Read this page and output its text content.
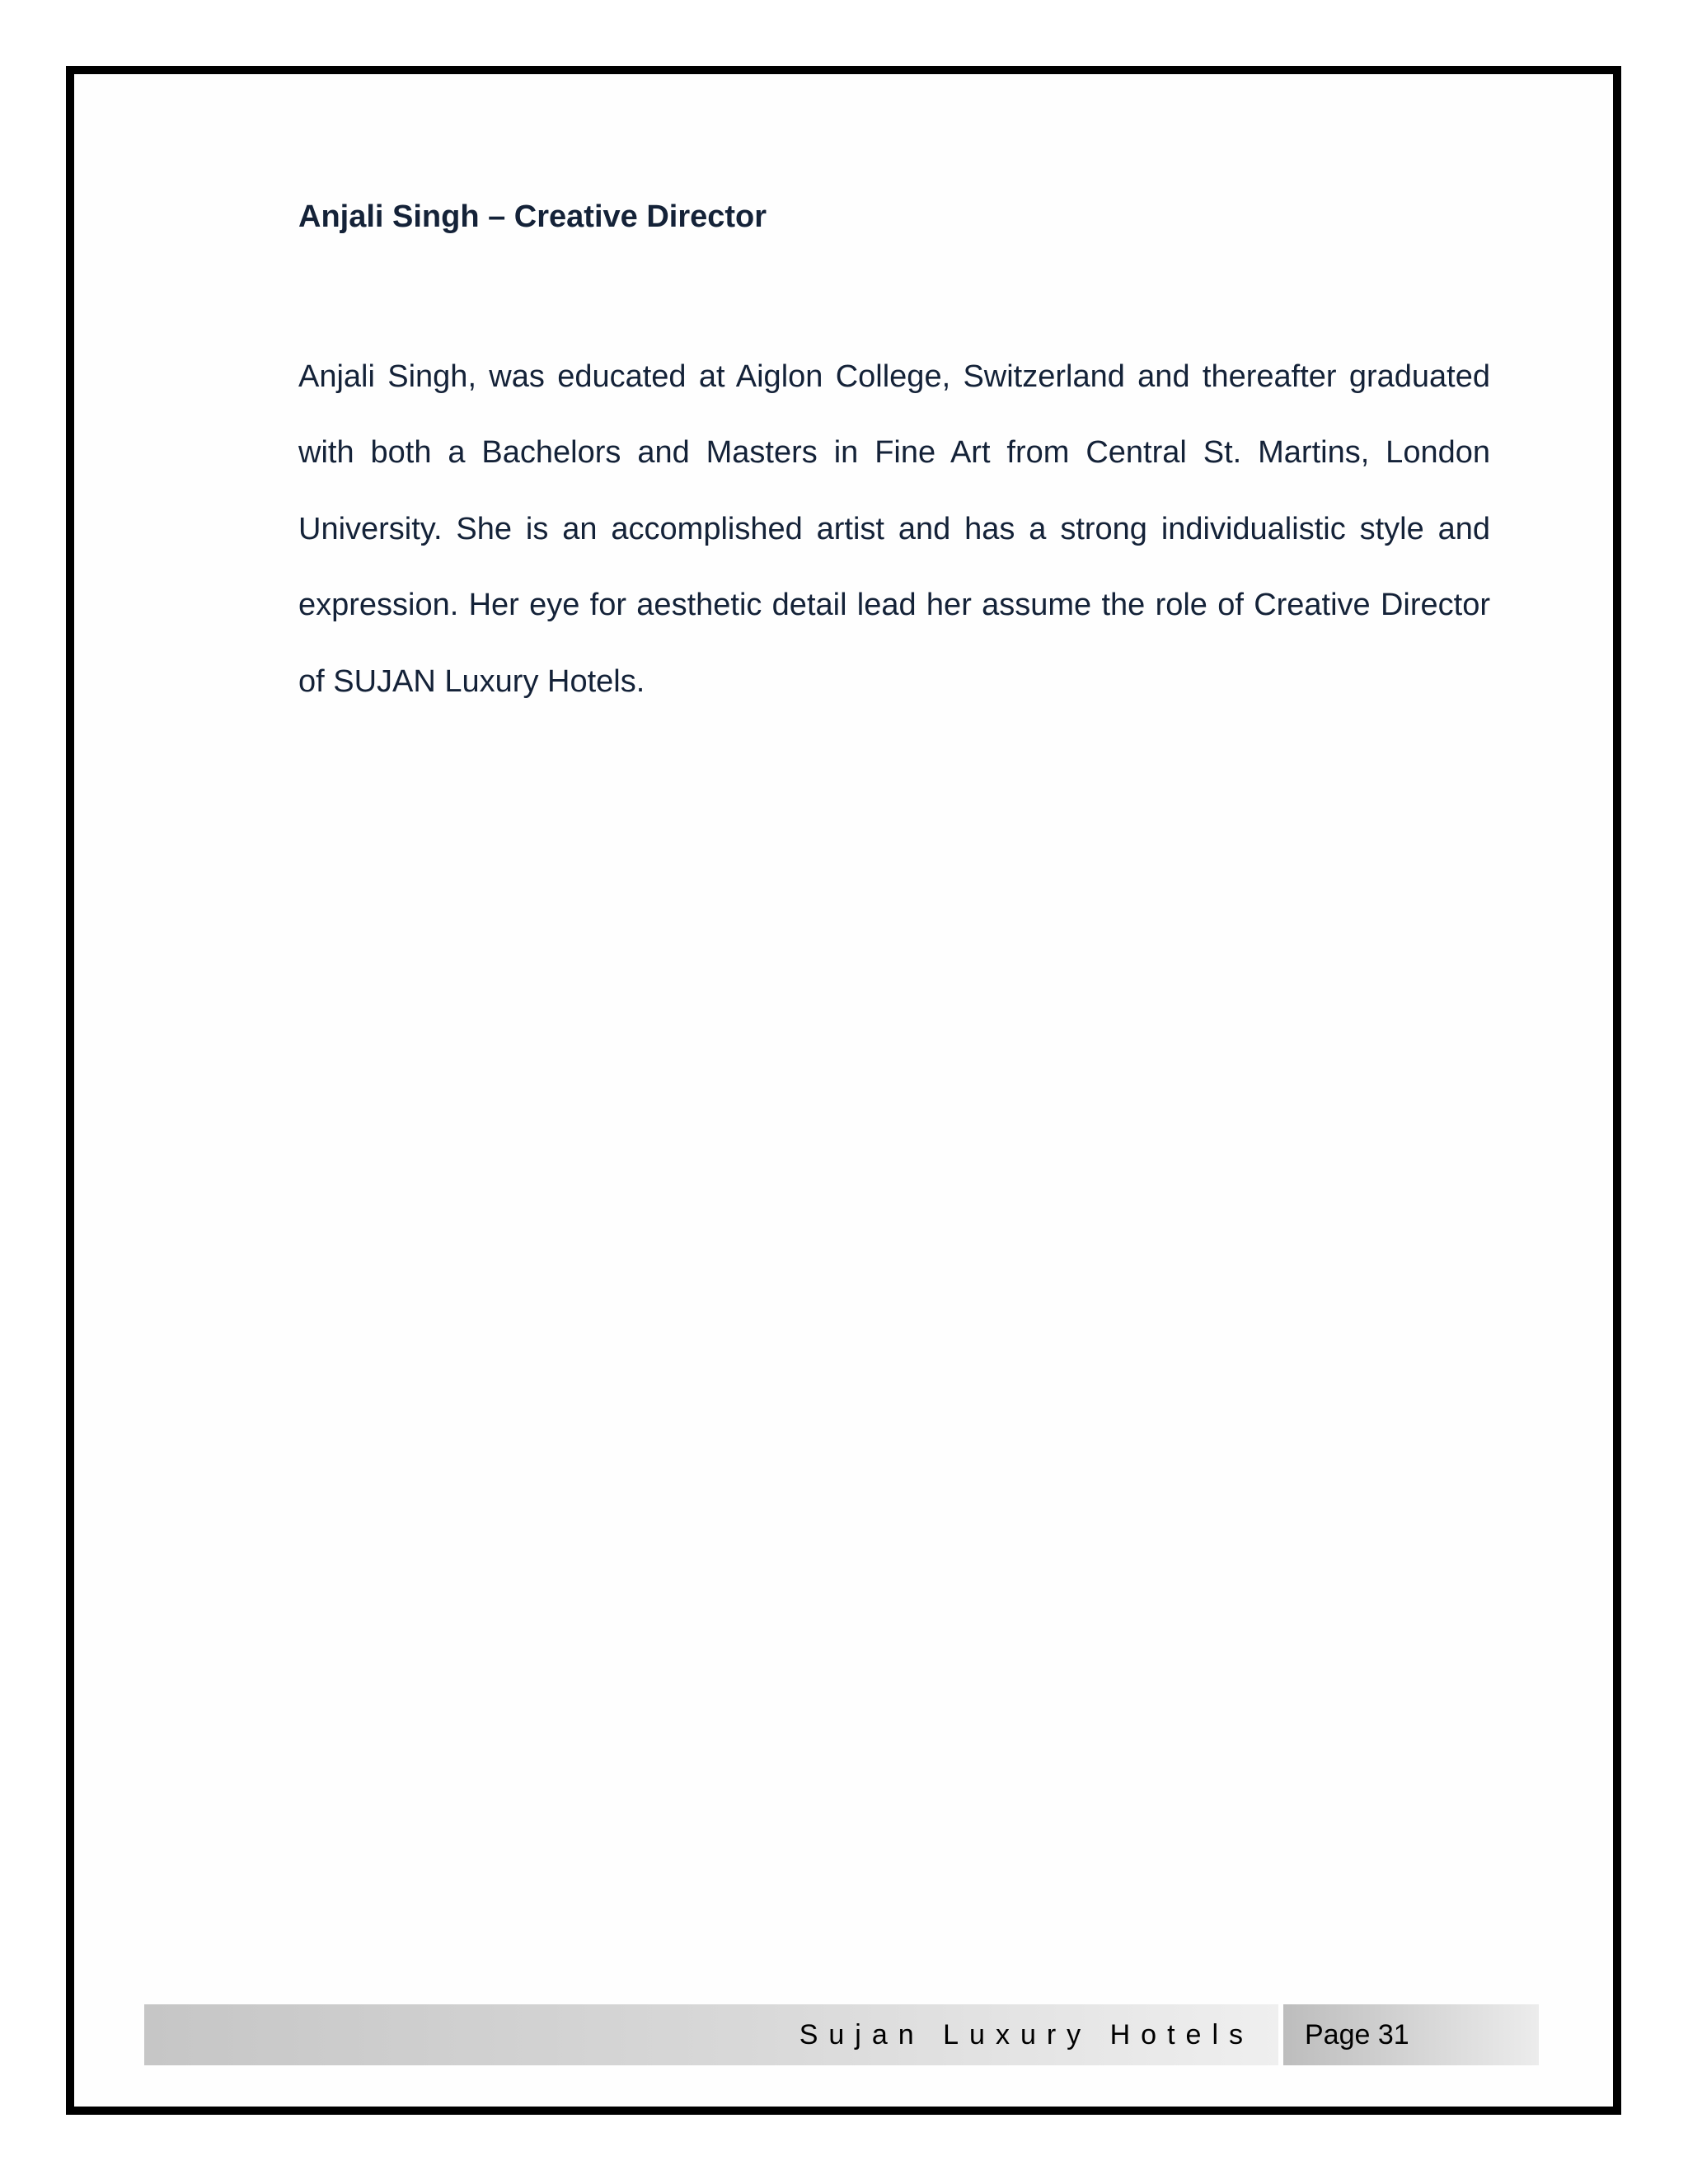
Anjali Singh – Creative Director

Anjali Singh, was educated at Aiglon College, Switzerland and thereafter graduated with both a Bachelors and Masters in Fine Art from Central St. Martins, London University. She is an accomplished artist and has a strong individualistic style and expression. Her eye for aesthetic detail lead her assume the role of Creative Director of SUJAN Luxury Hotels.

Sujan Luxury Hotels Page 31
